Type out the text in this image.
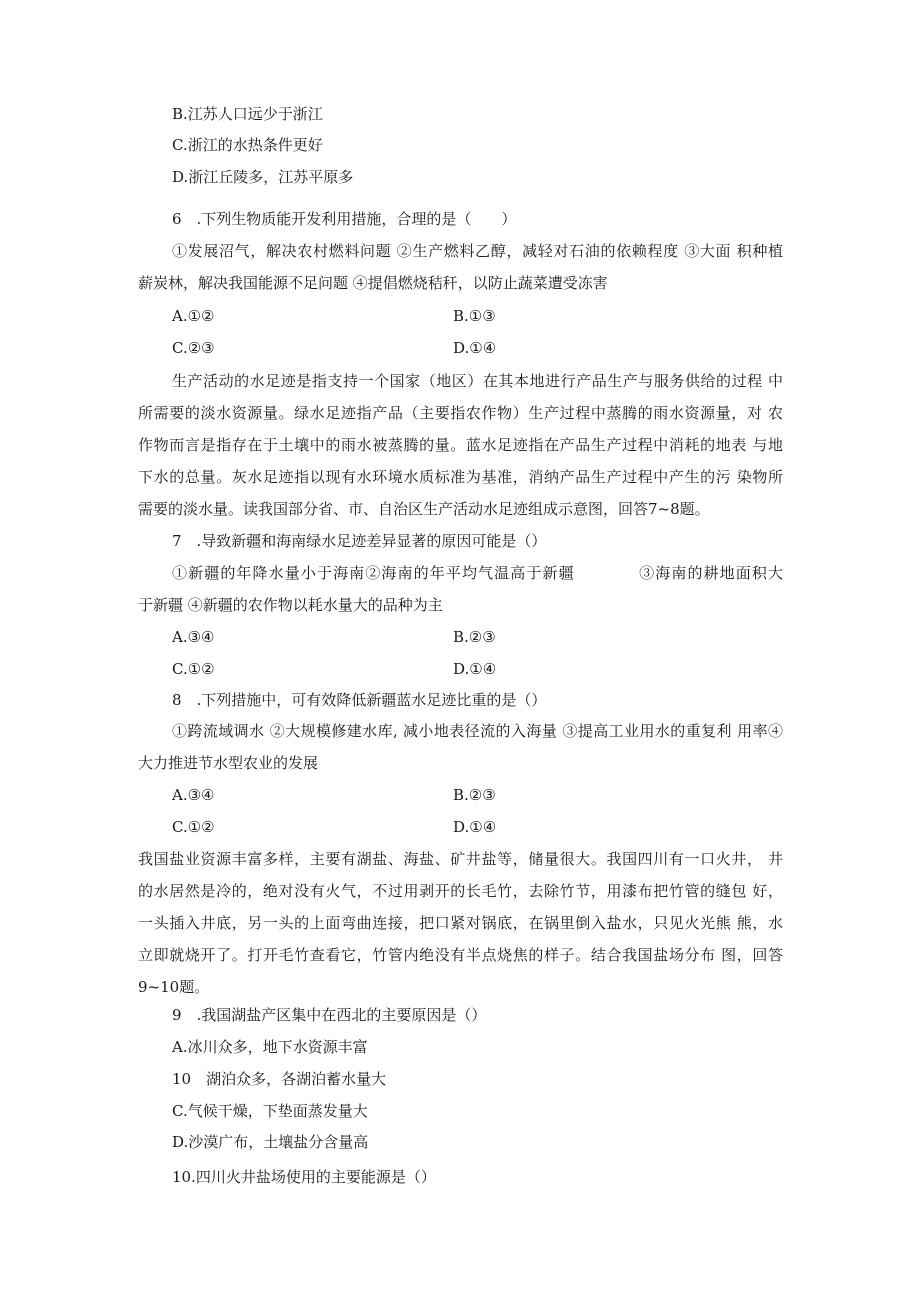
B.江苏人口远少于浙江
C.浙江的水热条件更好
D.浙江丘陵多，江苏平原多
6　.下列生物质能开发利用措施，合理的是（　　）
①发展沼气，解决农村燃料问题 ②生产燃料乙醇，减轻对石油的依赖程度 ③大面 积种植
薪炭林，解决我国能源不足问题 ④提倡燃烧秸秆，以防止蔬菜遭受冻害
A.①②	B.①③
C.②③	D.①④
生产活动的水足迹是指支持一个国家（地区）在其本地进行产品生产与服务供给的过程 中
所需要的淡水资源量。绿水足迹指产品（主要指农作物）生产过程中蒸腾的雨水资源量，对 农
作物而言是指存在于土壤中的雨水被蒸腾的量。蓝水足迹指在产品生产过程中消耗的地表 与地
下水的总量。灰水足迹指以现有水环境水质标准为基准，消纳产品生产过程中产生的污 染物所
需要的淡水量。读我国部分省、市、自治区生产活动水足迹组成示意图，回答7~8题。
7　.导致新疆和海南绿水足迹差异显著的原因可能是（）
①新疆的年降水量小于海南②海南的年平均气温高于新疆　　　　③海南的耕地面积大
于新疆 ④新疆的农作物以耗水量大的品种为主
A.③④	B.②③
C.①②	D.①④
8　.下列措施中，可有效降低新疆蓝水足迹比重的是（）
①跨流域调水 ②大规模修建水库, 减小地表径流的入海量 ③提高工业用水的重复利 用率④
大力推进节水型农业的发展
A.③④	B.②③
C.①②	D.①④
我国盐业资源丰富多样，主要有湖盐、海盐、矿井盐等，储量很大。我国四川有一口火井， 井
的水居然是冷的，绝对没有火气，不过用剥开的长毛竹，去除竹节，用漆布把竹管的缝包 好，
一头插入井底，另一头的上面弯曲连接，把口紧对锅底，在锅里倒入盐水，只见火光熊 熊，水
立即就烧开了。打开毛竹查看它，竹管内绝没有半点烧焦的样子。结合我国盐场分布 图，回答
9~10题。
9　.我国湖盐产区集中在西北的主要原因是（）
A.冰川众多，地下水资源丰富
10　湖泊众多，各湖泊蓄水量大
C.气候干燥，下垫面蒸发量大
D.沙漠广布，土壤盐分含量高
10.四川火井盐场使用的主要能源是（）
